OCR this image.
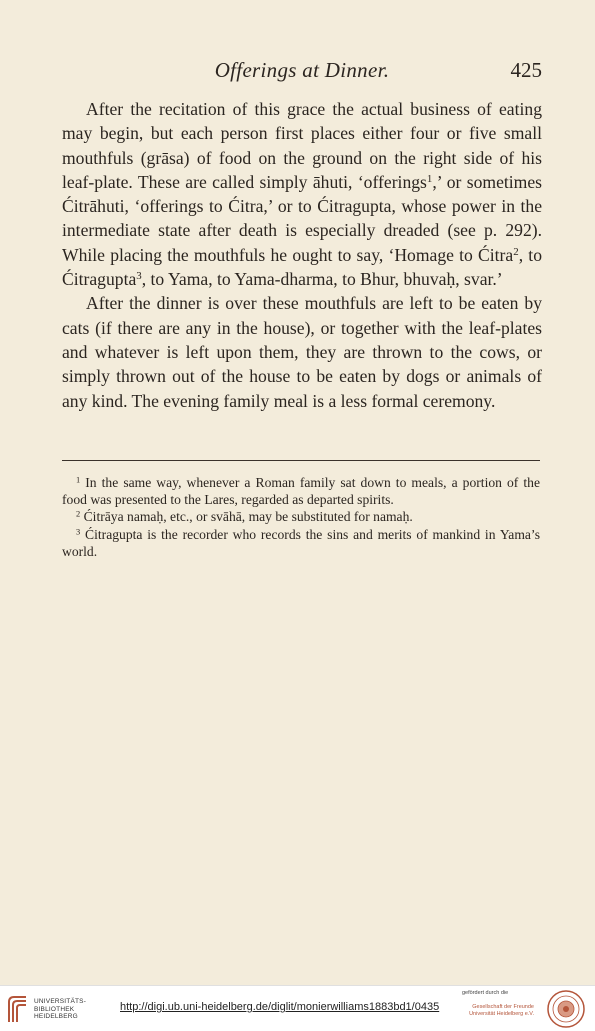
Offerings at Dinner.	425

After the recitation of this grace the actual business of eating may begin, but each person first places either four or five small mouthfuls (grāsa) of food on the ground on the right side of his leaf-plate. These are called simply āhuti, ‘offerings$^1$,’ or sometimes Ćitrāhuti, ‘offerings to Ćitra,’ or to Ćitragupta, whose power in the intermediate state after death is especially dreaded (see p. 292). While placing the mouthfuls he ought to say, ‘Homage to Ćitra$^2$, to Ćitragupta$^3$, to Yama, to Yama-dharma, to Bhur, bhuvaḥ, svar.’

After the dinner is over these mouthfuls are left to be eaten by cats (if there are any in the house), or together with the leaf-plates and whatever is left upon them, they are thrown to the cows, or simply thrown out of the house to be eaten by dogs or animals of any kind. The evening family meal is a less formal ceremony.

$^1$ In the same way, whenever a Roman family sat down to meals, a portion of the food was presented to the Lares, regarded as departed spirits.

$^2$ Ćitrāya namaḥ, etc., or svāhā, may be substituted for namaḥ.

$^3$ Ćitragupta is the recorder who records the sins and merits of mankind in Yama’s world.

UNIVERSITÄTS-
BIBLIOTHEK
HEIDELBERG
http://digi.ub.uni-heidelberg.de/diglit/monierwilliams1883bd1/0435
gefördert durch die
Gesellschaft der Freunde
Universität Heidelberg e.V.
